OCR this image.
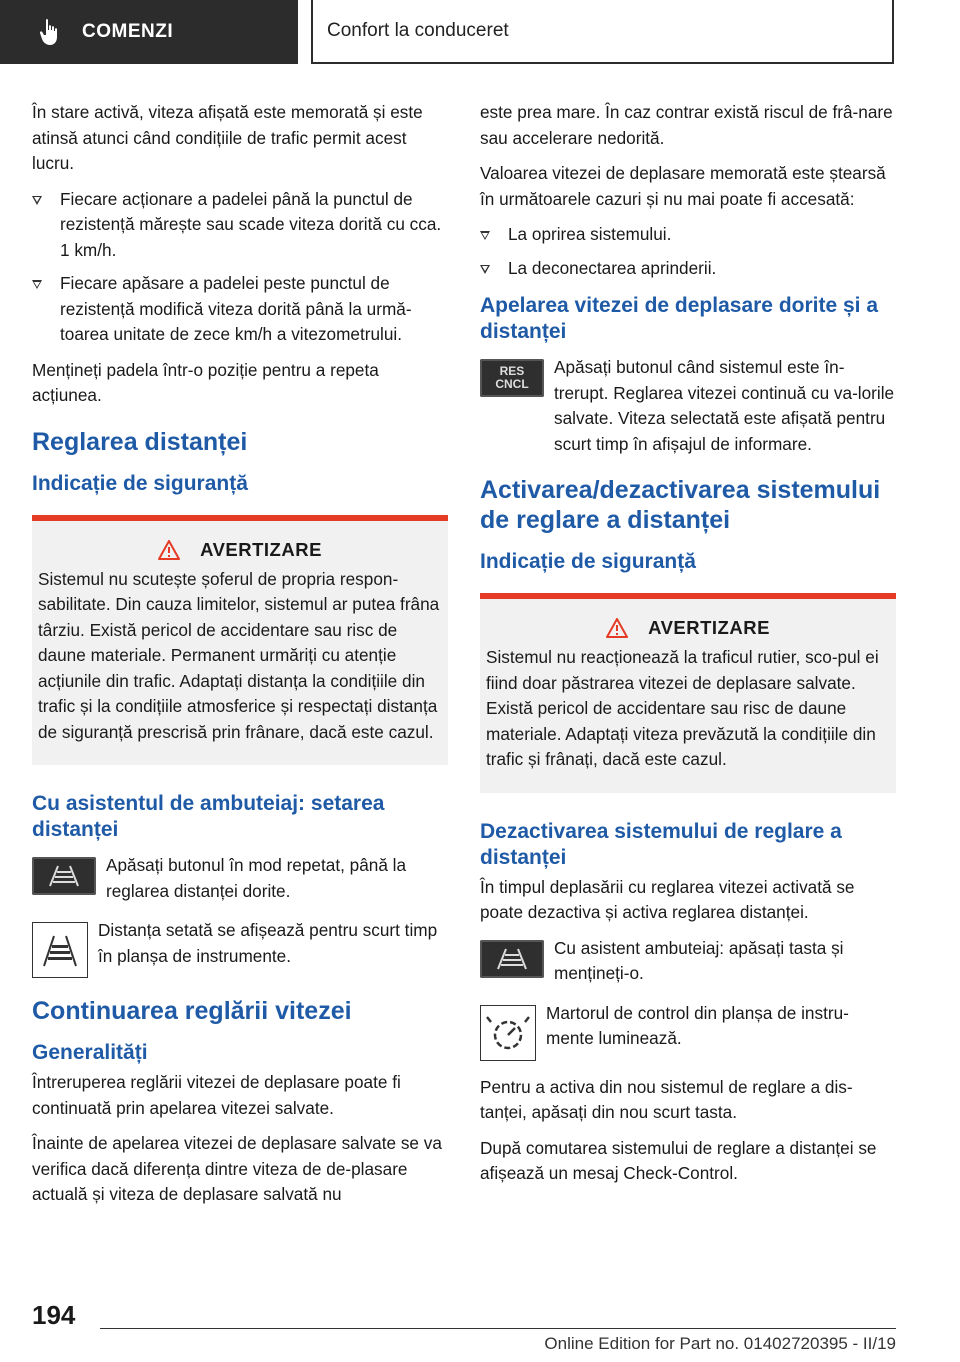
COMENZI	Confort la conduceret

În stare activă, viteza afișată este memorată și este atinsă atunci când condițiile de trafic permit acest lucru.

Fiecare acționare a padelei până la punctul de rezistență mărește sau scade viteza dorită cu cca. 1 km/h.
Fiecare apăsare a padelei peste punctul de rezistență modifică viteza dorită până la urmă-toarea unitate de zece km/h a vitezometrului.

Mențineți padela într-o poziție pentru a repeta acțiunea.

Reglarea distanței
Indicație de siguranță
AVERTIZARE

Sistemul nu scutește șoferul de propria respon-sabilitate. Din cauza limitelor, sistemul ar putea frâna târziu. Există pericol de accidentare sau risc de daune materiale. Permanent urmăriți cu atenție acțiunile din trafic. Adaptați distanța la condițiile din trafic și la condițiile atmosferice și respectați distanța de siguranță prescrisă prin frânare, dacă este cazul.

Cu asistentul de ambuteiaj: setarea distanței

Apăsați butonul în mod repetat, până la reglarea distanței dorite.

Distanța setată se afișează pentru scurt timp în planșa de instrumente.

Continuarea reglării vitezei
Generalități

Întreruperea reglării vitezei de deplasare poate fi continuată prin apelarea vitezei salvate.

Înainte de apelarea vitezei de deplasare salvate se va verifica dacă diferența dintre viteza de de-plasare actuală și viteza de deplasare salvată nu

este prea mare. În caz contrar există riscul de frâ-nare sau accelerare nedorită.

Valoarea vitezei de deplasare memorată este ștearsă în următoarele cazuri și nu mai poate fi accesată:

La oprirea sistemului.
La deconectarea aprinderii.
Apelarea vitezei de deplasare dorite și a distanței
RES
CNCL

Apăsați butonul când sistemul este în-trerupt. Reglarea vitezei continuă cu va-lorile salvate. Viteza selectată este afișată pentru scurt timp în afișajul de informare.

Activarea/dezactivarea sistemului de reglare a distanței
Indicație de siguranță
AVERTIZARE

Sistemul nu reacționează la traficul rutier, sco-pul ei fiind doar păstrarea vitezei de deplasare salvate. Există pericol de accidentare sau risc de daune materiale. Adaptați viteza prevăzută la condițiile din trafic și frânați, dacă este cazul.

Dezactivarea sistemului de reglare a distanței

În timpul deplasării cu reglarea vitezei activată se poate dezactiva și activa reglarea distanței.

Cu asistent ambuteiaj: apăsați tasta și mențineți-o.

Martorul de control din planșa de instru-mente luminează.

Pentru a activa din nou sistemul de reglare a dis-tanței, apăsați din nou scurt tasta.

După comutarea sistemului de reglare a distanței se afișează un mesaj Check-Control.

194
Online Edition for Part no. 01402720395 - II/19
